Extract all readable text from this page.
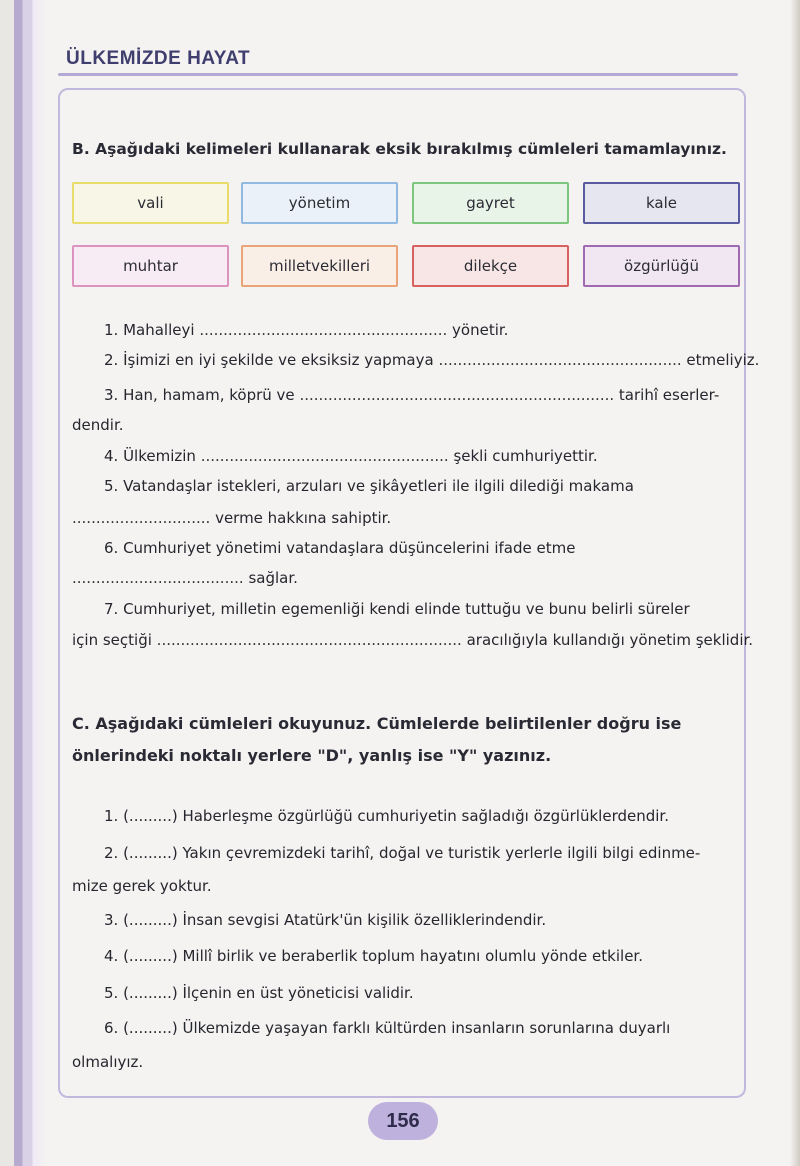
ÜLKEMİZDE HAYAT
B. Aşağıdaki kelimeleri kullanarak eksik bırakılmış cümleleri tamamlayınız.
vali	yönetim	gayret	kale
muhtar	milletvekilleri	dilekçe	özgürlüğü
1. Mahalleyi .................................................... yönetir.
2. İşimizi en iyi şekilde ve eksiksiz yapmaya ................................................... etmeliyiz.
3. Han, hamam, köprü ve .................................................................. tarihî eserler-
dendir.
4. Ülkemizin .................................................... şekli cumhuriyettir.
5. Vatandaşlar istekleri, arzuları ve şikâyetleri ile ilgili dilediği makama
............................. verme hakkına sahiptir.
6. Cumhuriyet yönetimi vatandaşlara düşüncelerini ifade etme
.................................... sağlar.
7. Cumhuriyet, milletin egemenliği kendi elinde tuttuğu ve bunu belirli süreler
için seçtiği ................................................................ aracılığıyla kullandığı yönetim şeklidir.
C. Aşağıdaki cümleleri okuyunuz. Cümlelerde belirtilenler doğru ise önlerindeki noktalı yerlere "D", yanlış ise "Y" yazınız.
1. (.........) Haberleşme özgürlüğü cumhuriyetin sağladığı özgürlüklerdendir.
2. (.........) Yakın çevremizdeki tarihî, doğal ve turistik yerlerle ilgili bilgi edinme-
mize gerek yoktur.
3. (.........) İnsan sevgisi Atatürk'ün kişilik özelliklerindendir.
4. (.........) Millî birlik ve beraberlik toplum hayatını olumlu yönde etkiler.
5. (.........) İlçenin en üst yöneticisi validir.
6. (.........) Ülkemizde yaşayan farklı kültürden insanların sorunlarına duyarlı
olmalıyız.
156
